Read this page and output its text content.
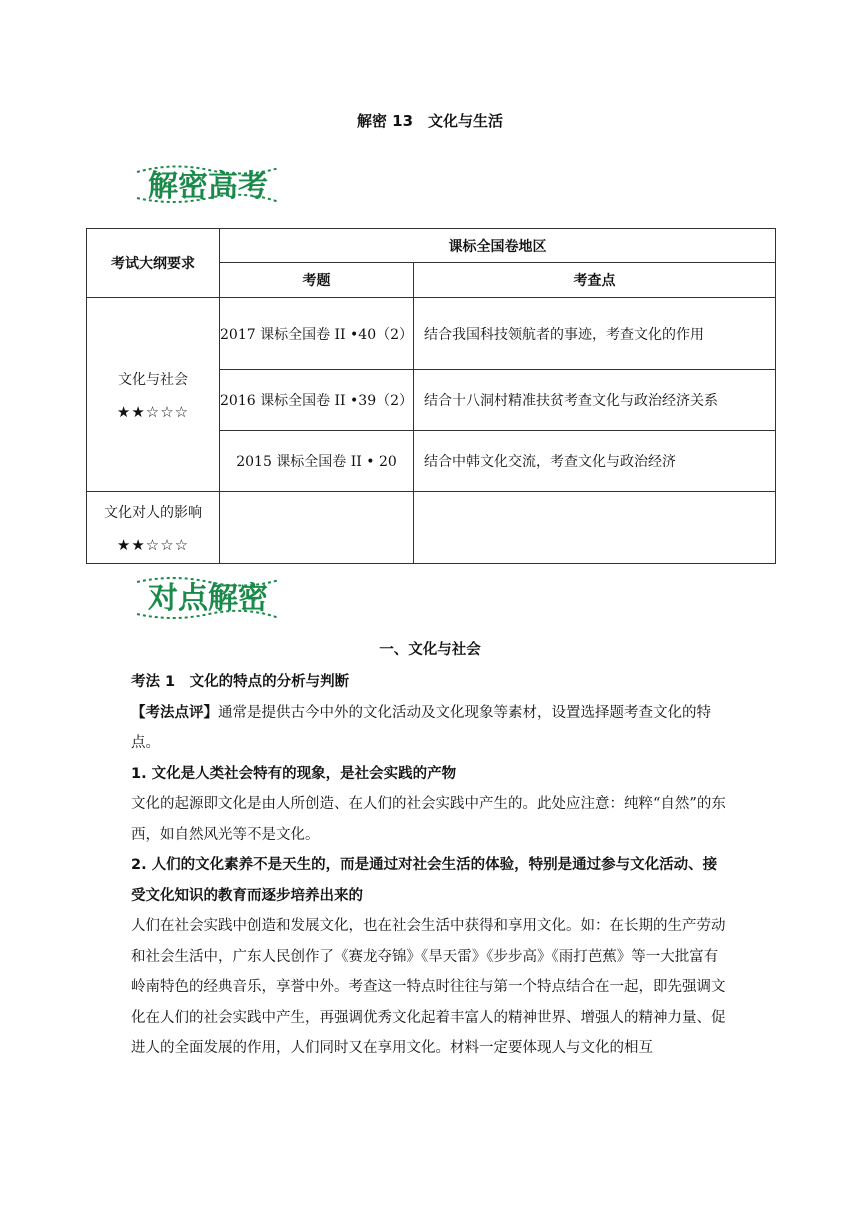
解密 13　文化与生活
解密高考
考试大纲要求	课标全国卷地区	
	考题	考查点
文化与社会
★★☆☆☆	2017 课标全国卷 II •40（2）	结合我国科技领航者的事迹，考查文化的作用
	2016 课标全国卷 II •39（2）	结合十八洞村精准扶贫考查文化与政治经济关系
	2015 课标全国卷 II • 20	结合中韩文化交流，考查文化与政治经济
文化对人的影响
★★☆☆☆		

对点解密
一、文化与社会

考法 1　文化的特点的分析与判断

【考法点评】通常是提供古今中外的文化活动及文化现象等素材，设置选择题考查文化的特点。

1. 文化是人类社会特有的现象，是社会实践的产物

文化的起源即文化是由人所创造、在人们的社会实践中产生的。此处应注意：纯粹“自然”的东西，如自然风光等不是文化。

2. 人们的文化素养不是天生的，而是通过对社会生活的体验，特别是通过参与文化活动、接受文化知识的教育而逐步培养出来的

人们在社会实践中创造和发展文化，也在社会生活中获得和享用文化。如：在长期的生产劳动和社会生活中，广东人民创作了《赛龙夺锦》《旱天雷》《步步高》《雨打芭蕉》等一大批富有岭南特色的经典音乐，享誉中外。考查这一特点时往往与第一个特点结合在一起，即先强调文化在人们的社会实践中产生，再强调优秀文化起着丰富人的精神世界、增强人的精神力量、促进人的全面发展的作用，人们同时又在享用文化。材料一定要体现人与文化的相互
